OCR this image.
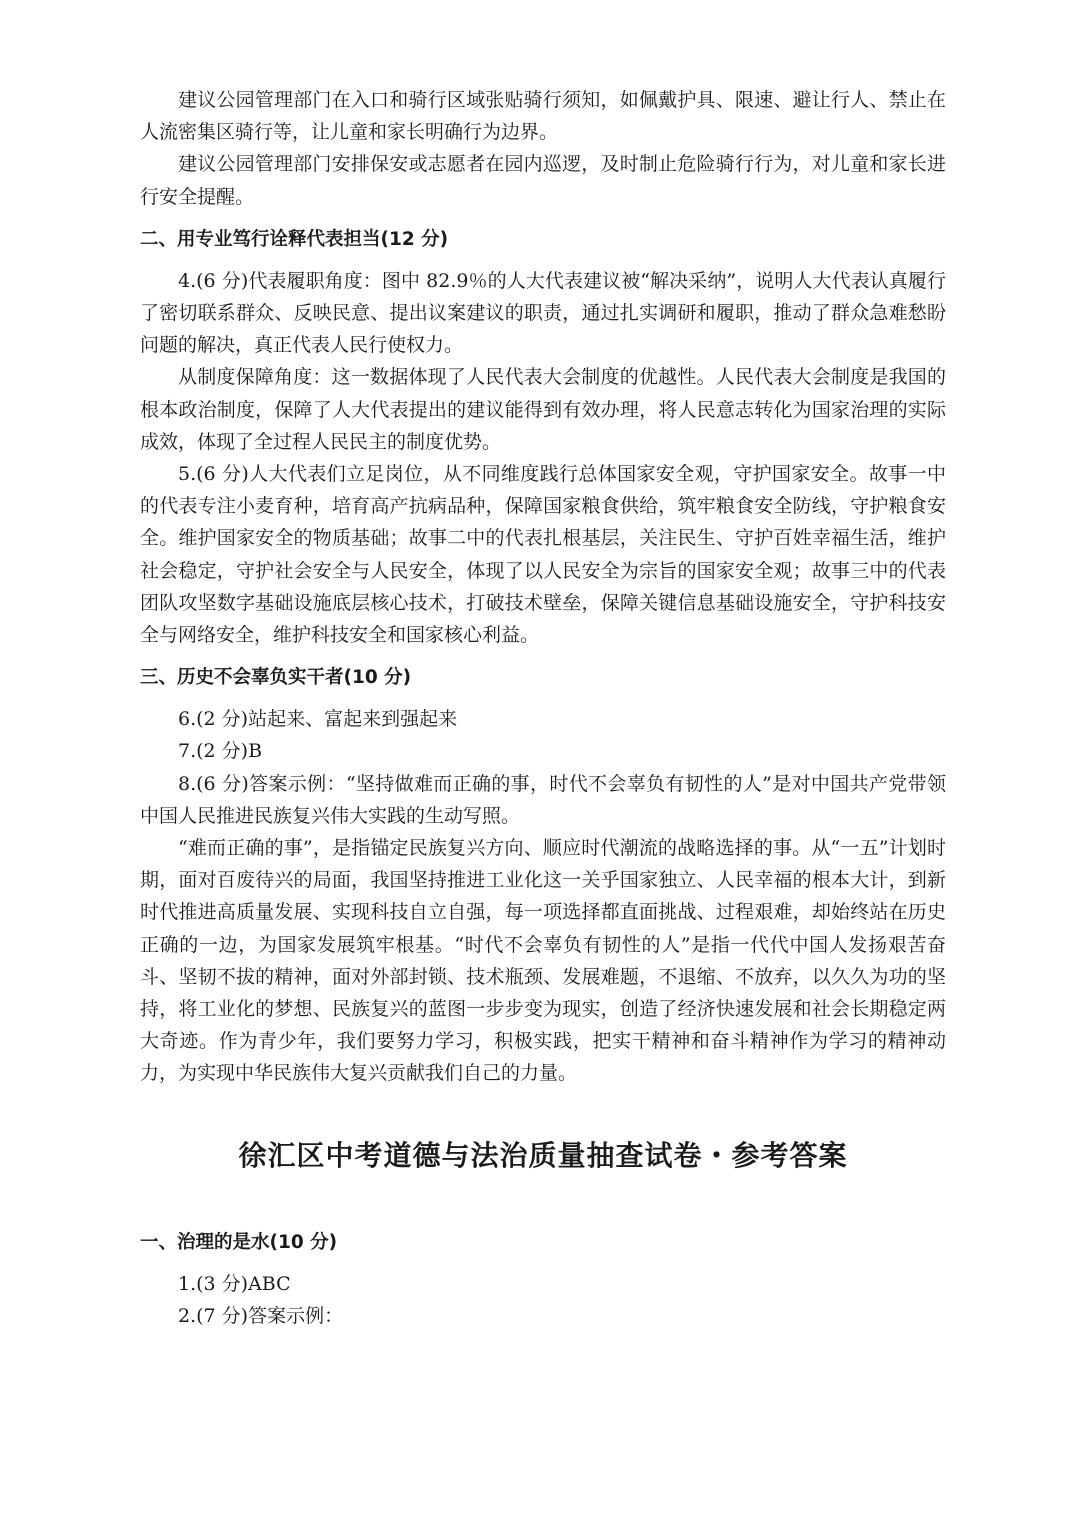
建议公园管理部门在入口和骑行区域张贴骑行须知，如佩戴护具、限速、避让行人、禁止在人流密集区骑行等，让儿童和家长明确行为边界。

建议公园管理部门安排保安或志愿者在园内巡逻，及时制止危险骑行行为，对儿童和家长进行安全提醒。

二、用专业笃行诠释代表担当(12 分)

4.(6 分)代表履职角度：图中 82.9％的人大代表建议被“解决采纳”，说明人大代表认真履行了密切联系群众、反映民意、提出议案建议的职责，通过扎实调研和履职，推动了群众急难愁盼问题的解决，真正代表人民行使权力。

从制度保障角度：这一数据体现了人民代表大会制度的优越性。人民代表大会制度是我国的根本政治制度，保障了人大代表提出的建议能得到有效办理，将人民意志转化为国家治理的实际成效，体现了全过程人民民主的制度优势。

5.(6 分)人大代表们立足岗位，从不同维度践行总体国家安全观，守护国家安全。故事一中的代表专注小麦育种，培育高产抗病品种，保障国家粮食供给，筑牢粮食安全防线，守护粮食安全。维护国家安全的物质基础；故事二中的代表扎根基层，关注民生、守护百姓幸福生活，维护社会稳定，守护社会安全与人民安全，体现了以人民安全为宗旨的国家安全观；故事三中的代表团队攻坚数字基础设施底层核心技术，打破技术壁垒，保障关键信息基础设施安全，守护科技安全与网络安全，维护科技安全和国家核心利益。

三、历史不会辜负实干者(10 分)

6.(2 分)站起来、富起来到强起来

7.(2 分)B

8.(6 分)答案示例：“坚持做难而正确的事，时代不会辜负有韧性的人”是对中国共产党带领中国人民推进民族复兴伟大实践的生动写照。

“难而正确的事”，是指锚定民族复兴方向、顺应时代潮流的战略选择的事。从“一五”计划时期，面对百废待兴的局面，我国坚持推进工业化这一关乎国家独立、人民幸福的根本大计，到新时代推进高质量发展、实现科技自立自强，每一项选择都直面挑战、过程艰难，却始终站在历史正确的一边，为国家发展筑牢根基。“时代不会辜负有韧性的人”是指一代代中国人发扬艰苦奋斗、坚韧不拔的精神，面对外部封锁、技术瓶颈、发展难题，不退缩、不放弃，以久久为功的坚持，将工业化的梦想、民族复兴的蓝图一步步变为现实，创造了经济快速发展和社会长期稳定两大奇迹。作为青少年，我们要努力学习，积极实践，把实干精神和奋斗精神作为学习的精神动力，为实现中华民族伟大复兴贡献我们自己的力量。

徐汇区中考道德与法治质量抽查试卷・参考答案

一、治理的是水(10 分)

1.(3 分)ABC

2.(7 分)答案示例：
